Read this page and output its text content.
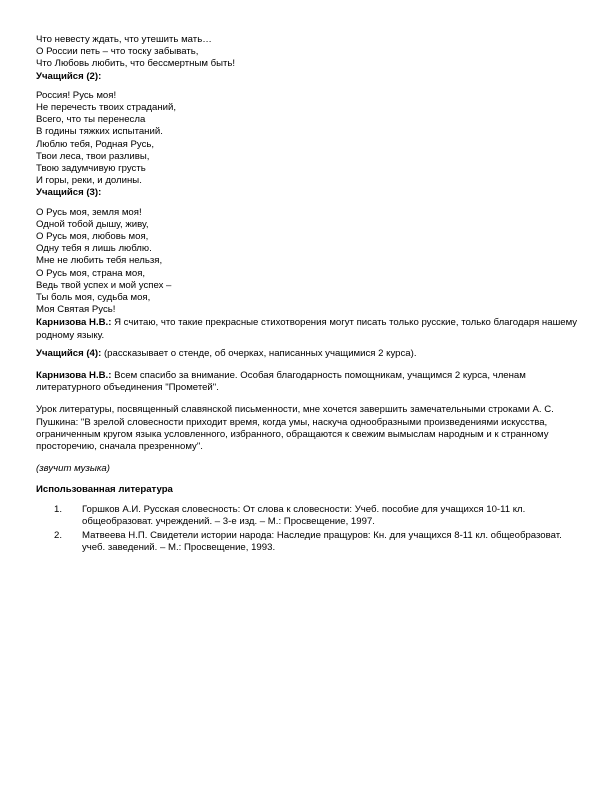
Что невесту ждать, что утешить мать…
О России петь – что тоску забывать,
Что Любовь любить, что бессмертным быть!
Учащийся (2):
Россия! Русь моя!
Не перечесть твоих страданий,
Всего, что ты перенесла
В годины тяжких испытаний.
Люблю тебя, Родная Русь,
Твои леса, твои разливы,
Твою задумчивую грусть
И горы, реки, и долины.
Учащийся (3):
О Русь моя, земля моя!
Одной тобой дышу, живу,
О Русь моя, любовь моя,
Одну тебя я лишь люблю.
Мне не любить тебя нельзя,
О Русь моя, страна моя,
Ведь твой успех и мой успех –
Ты боль моя, судьба моя,
Моя Святая Русь!

Карнизова Н.В.: Я считаю, что такие прекрасные стихотворения могут писать только русские, только благодаря нашему родному языку.

Учащийся (4): (рассказывает о стенде, об очерках, написанных учащимися 2 курса).

Карнизова Н.В.: Всем спасибо за внимание. Особая благодарность помощникам, учащимся 2 курса, членам литературного объединения "Прометей".

Урок литературы, посвященный славянской письменности, мне хочется завершить замечательными строками А. С. Пушкина: "В зрелой словесности приходит время, когда умы, наскуча однообразными произведениями искусства, ограниченным кругом языка условленного, избранного, обращаются к свежим вымыслам народным и к странному просторечию, сначала презренному".

(звучит музыка)

Использованная литература

1. Горшков А.И. Русская словесность: От слова к словесности: Учеб. пособие для учащихся 10-11 кл. общеобразоват. учреждений. – 3-е изд. – М.: Просвещение, 1997.
2. Матвеева Н.П. Свидетели истории народа: Наследие пращуров: Кн. для учащихся 8-11 кл. общеобразоват. учеб. заведений. – М.: Просвещение, 1993.
